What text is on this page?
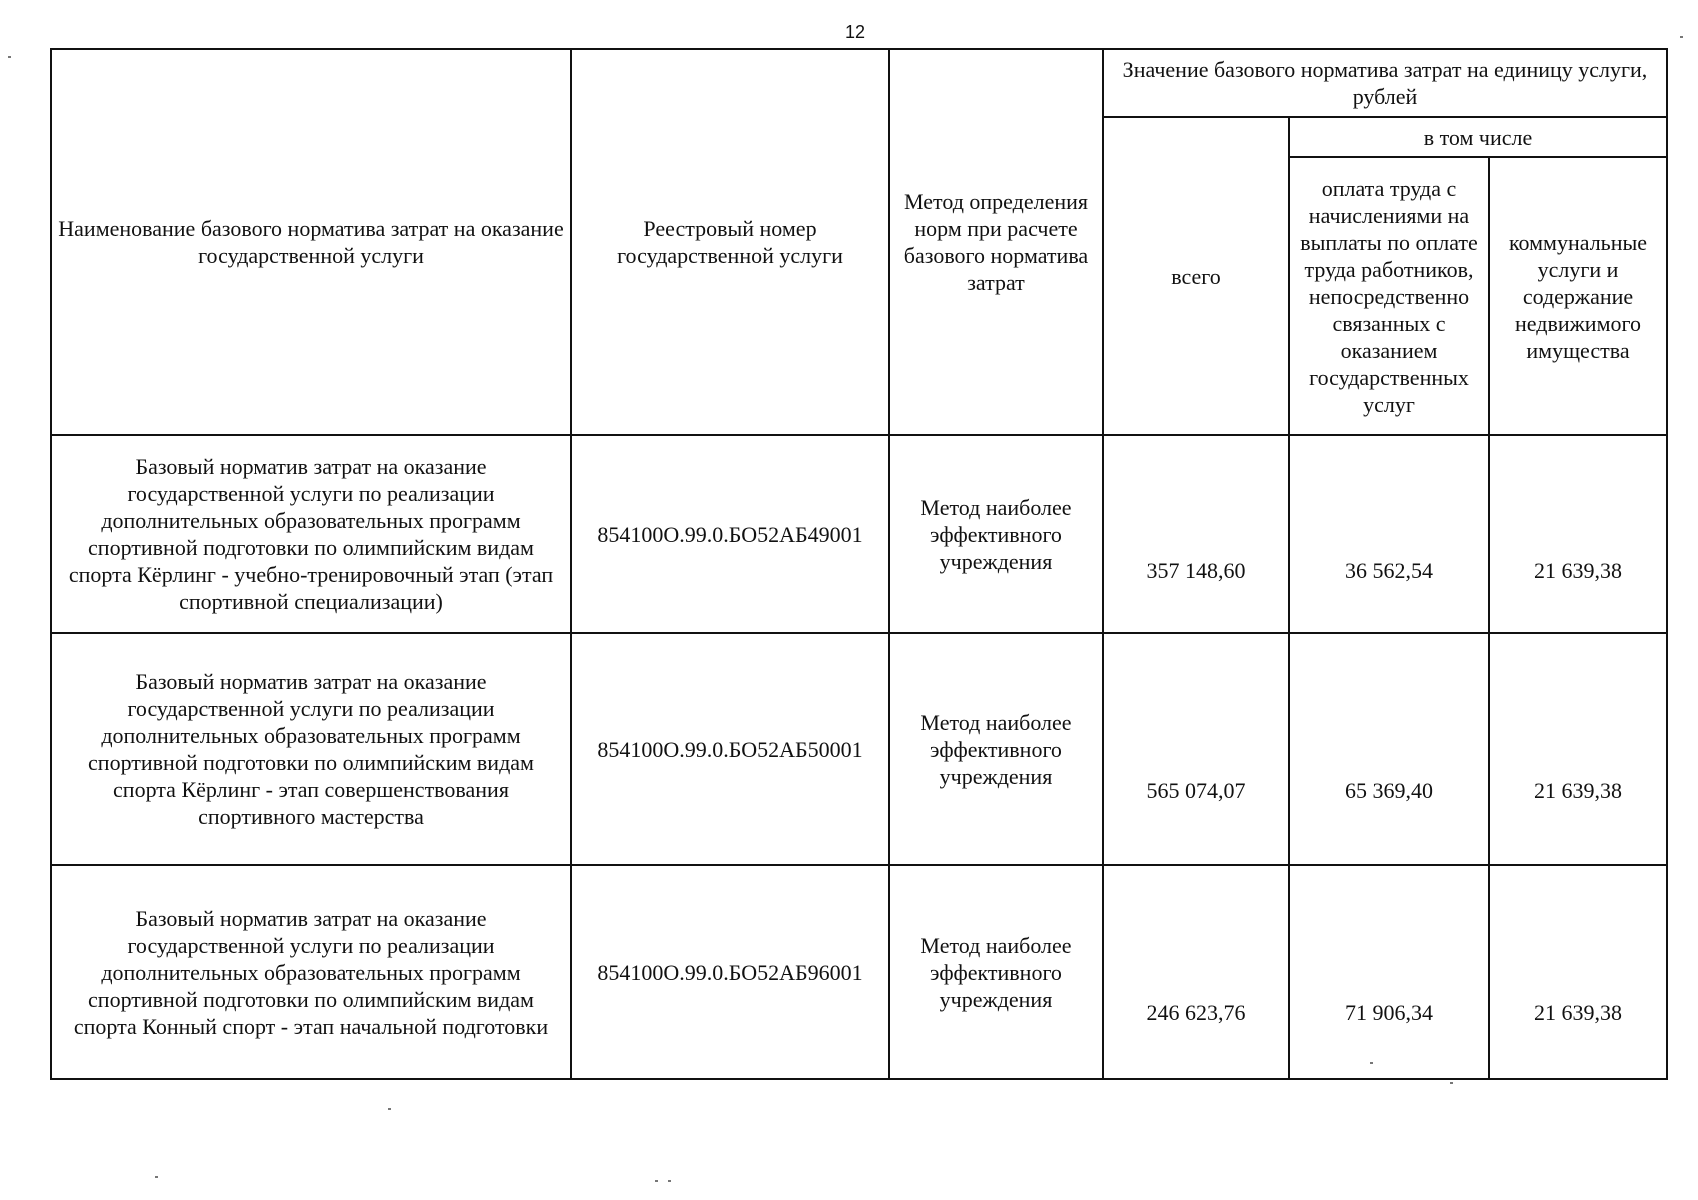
12
Наименование базового норматива затрат на оказание государственной услуги	Реестровый номер государственной услуги	Метод определения норм при расчете базового норматива затрат	Значение базового норматива затрат на единицу услуги, рублей		
			всего	в том числе	
				оплата труда с начислениями на выплаты по оплате труда работников, непосредственно связанных с оказанием государственных услуг	коммунальные услуги и содержание недвижимого имущества
Базовый норматив затрат на оказание государственной услуги по реализации дополнительных образовательных программ спортивной подготовки по олимпийским видам спорта Кёрлинг - учебно-тренировочный этап (этап спортивной специализации)	854100О.99.0.БО52АБ49001	Метод наиболее эффективного учреждения	357 148,60	36 562,54	21 639,38
Базовый норматив затрат на оказание государственной услуги по реализации дополнительных образовательных программ спортивной подготовки по олимпийским видам спорта Кёрлинг - этап совершенствования спортивного мастерства	854100О.99.0.БО52АБ50001	Метод наиболее эффективного учреждения	565 074,07	65 369,40	21 639,38
Базовый норматив затрат на оказание государственной услуги по реализации дополнительных образовательных программ спортивной подготовки по олимпийским видам спорта Конный спорт - этап начальной подготовки	854100О.99.0.БО52АБ96001	Метод наиболее эффективного учреждения	246 623,76	71 906,34	21 639,38
